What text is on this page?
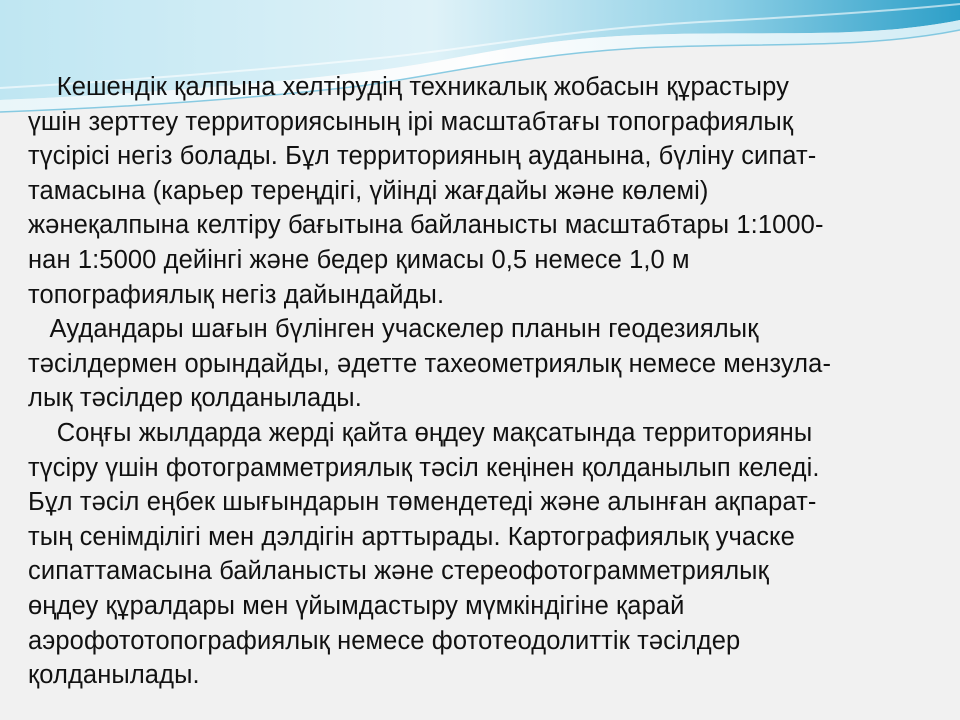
Кешендік қалпына хелтірудің техникалық жобасын құрастыру
үшін зерттеу территориясының ірі масштабтағы топографиялық
түсірісі негіз болады. Бұл территорияның ауданына, бүліну сипат-
тамасына (карьер тереңдігі, үйінді жағдайы және көлемі)
жәнеқалпына келтіру бағытына байланысты масштабтары 1:1000-
нан 1:5000 дейінгі және бедер қимасы 0,5 немесе 1,0 м
топографиялық негіз дайындайды.
Аудандары шағын бүлінген учаскелер планын геодезиялық
тәсілдермен орындайды, әдетте тахеометриялық немесе мензула-
лық тәсілдер қолданылады.
Соңғы жылдарда жерді қайта өңдеу мақсатында территорияны
түсіру үшін фотограмметриялық тәсіл кеңінен қолданылып келеді.
Бұл тәсіл еңбек шығындарын төмендетеді және алынған ақпарат-
тың сенімділігі мен дэлдігін арттырады. Картографиялық учаске
сипаттамасына байланысты және стереофотограмметриялық
өңдеу құралдары мен үйымдастыру мүмкіндігіне қарай
аэрофототопографиялық немесе фототеодолиттік тәсілдер
қолданылады.
